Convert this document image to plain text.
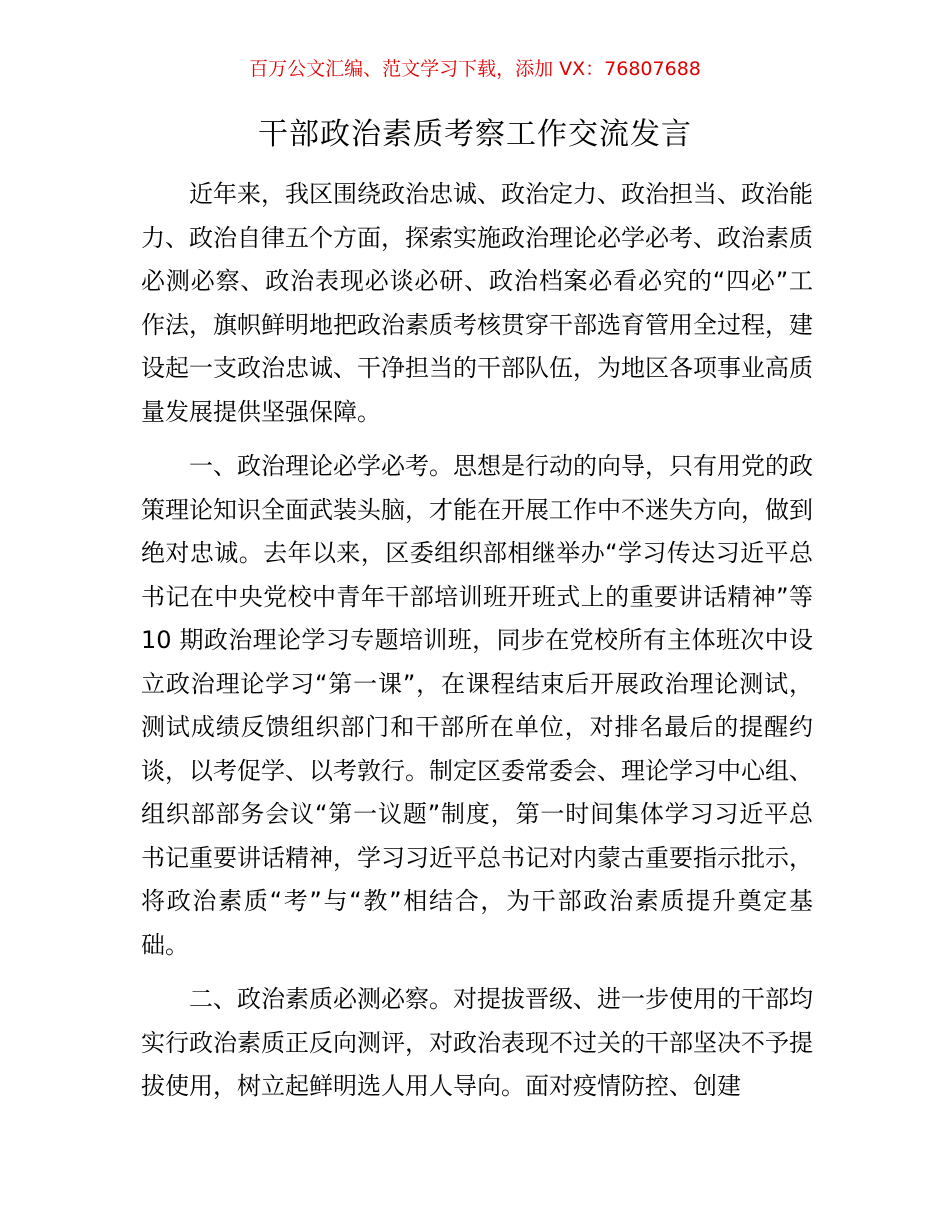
百万公文汇编、范文学习下载，添加 VX：76807688
干部政治素质考察工作交流发言

近年来，我区围绕政治忠诚、政治定力、政治担当、政治能力、政治自律五个方面，探索实施政治理论必学必考、政治素质必测必察、政治表现必谈必研、政治档案必看必究的“四必”工作法，旗帜鲜明地把政治素质考核贯穿干部选育管用全过程，建设起一支政治忠诚、干净担当的干部队伍，为地区各项事业高质量发展提供坚强保障。

一、政治理论必学必考。思想是行动的向导，只有用党的政策理论知识全面武装头脑，才能在开展工作中不迷失方向，做到绝对忠诚。去年以来，区委组织部相继举办“学习传达习近平总书记在中央党校中青年干部培训班开班式上的重要讲话精神”等 10 期政治理论学习专题培训班，同步在党校所有主体班次中设立政治理论学习“第一课”，在课程结束后开展政治理论测试，测试成绩反馈组织部门和干部所在单位，对排名最后的提醒约谈，以考促学、以考敦行。制定区委常委会、理论学习中心组、组织部部务会议“第一议题”制度，第一时间集体学习习近平总书记重要讲话精神，学习习近平总书记对内蒙古重要指示批示，将政治素质“考”与“教”相结合，为干部政治素质提升奠定基础。

二、政治素质必测必察。对提拔晋级、进一步使用的干部均实行政治素质正反向测评，对政治表现不过关的干部坚决不予提拔使用，树立起鲜明选人用人导向。面对疫情防控、创建
